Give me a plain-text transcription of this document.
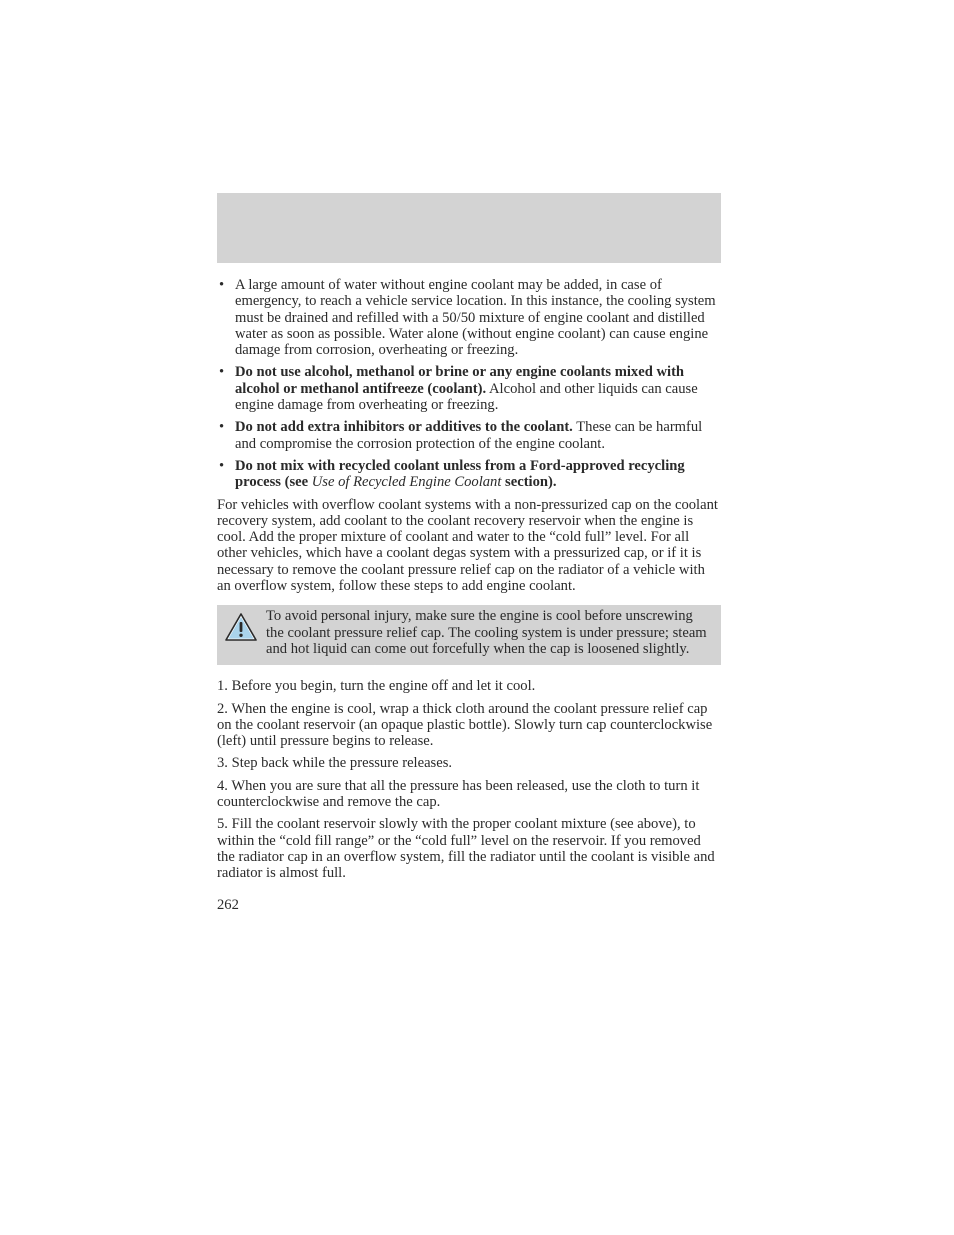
• A large amount of water without engine coolant may be added, in case of emergency, to reach a vehicle service location. In this instance, the cooling system must be drained and refilled with a 50/50 mixture of engine coolant and distilled water as soon as possible. Water alone (without engine coolant) can cause engine damage from corrosion, overheating or freezing.
• Do not use alcohol, methanol or brine or any engine coolants mixed with alcohol or methanol antifreeze (coolant). Alcohol and other liquids can cause engine damage from overheating or freezing.
• Do not add extra inhibitors or additives to the coolant. These can be harmful and compromise the corrosion protection of the engine coolant.
• Do not mix with recycled coolant unless from a Ford-approved recycling process (see Use of Recycled Engine Coolant section).

For vehicles with overflow coolant systems with a non-pressurized cap on the coolant recovery system, add coolant to the coolant recovery reservoir when the engine is cool. Add the proper mixture of coolant and water to the “cold full” level. For all other vehicles, which have a coolant degas system with a pressurized cap, or if it is necessary to remove the coolant pressure relief cap on the radiator of a vehicle with an overflow system, follow these steps to add engine coolant.

To avoid personal injury, make sure the engine is cool before unscrewing the coolant pressure relief cap. The cooling system is under pressure; steam and hot liquid can come out forcefully when the cap is loosened slightly.

1. Before you begin, turn the engine off and let it cool.

2. When the engine is cool, wrap a thick cloth around the coolant pressure relief cap on the coolant reservoir (an opaque plastic bottle). Slowly turn cap counterclockwise (left) until pressure begins to release.

3. Step back while the pressure releases.

4. When you are sure that all the pressure has been released, use the cloth to turn it counterclockwise and remove the cap.

5. Fill the coolant reservoir slowly with the proper coolant mixture (see above), to within the “cold fill range” or the “cold full” level on the reservoir. If you removed the radiator cap in an overflow system, fill the radiator until the coolant is visible and radiator is almost full.

262
